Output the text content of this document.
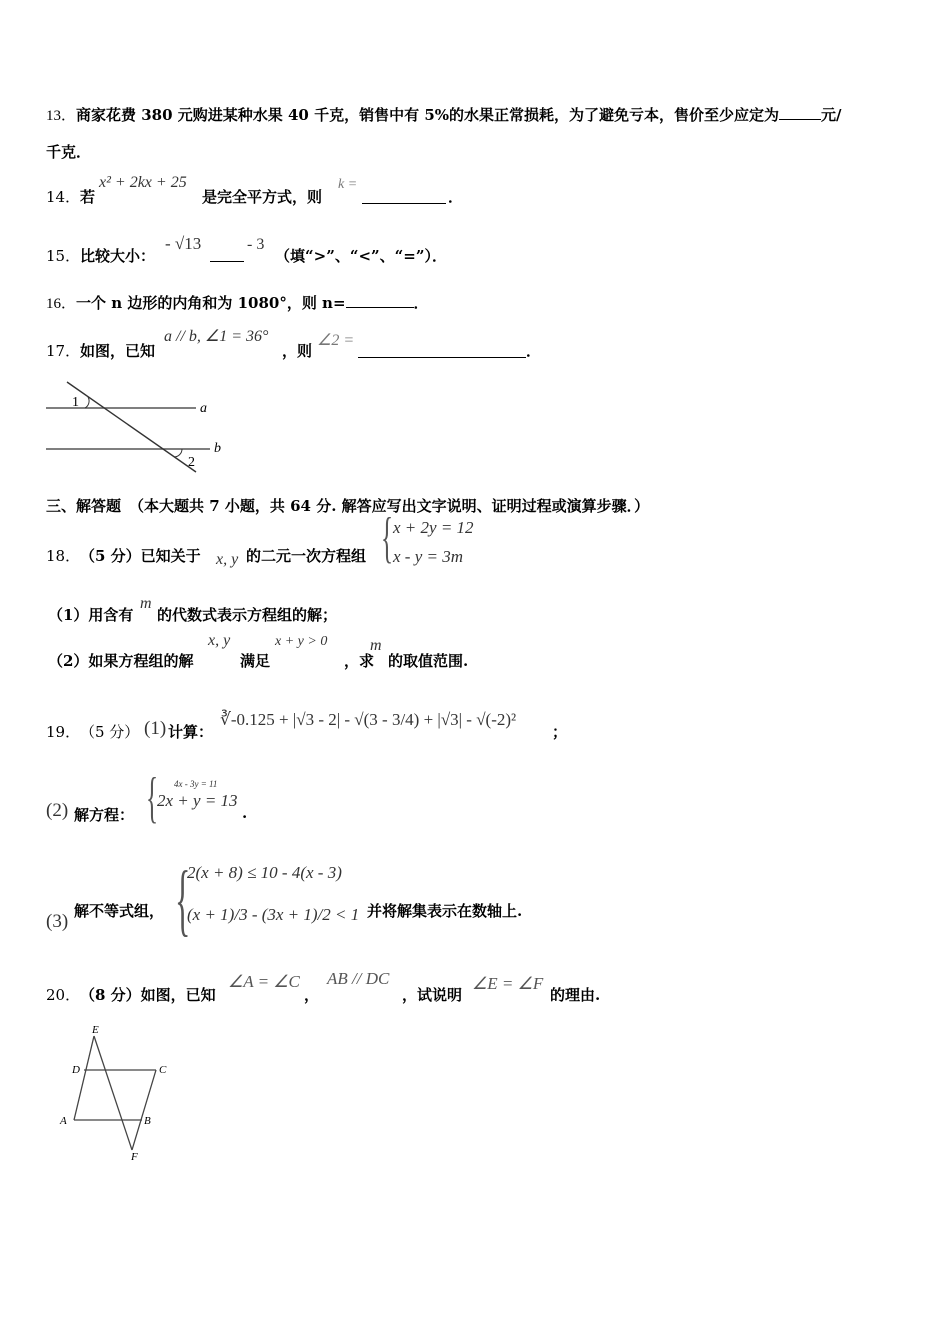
13．商家花费 380 元购进某种水果 40 千克，销售中有 5%的水果正常损耗，为了避免亏本，售价至少应定为	元/
千克．
14． 若
x² + 2kx + 25
是完全平方式，则
k =
．
15． 比较大小：
- √13	- 3
（填“>”、“<”、“=”）．
16．一个 n 边形的内角和为 1080°，则 n=	．
17． 如图，已知
a // b, ∠1 = 36°
，则
∠2 =
．
1
2
a
b
三、解答题 （本大题共 7 小题，共 64 分. 解答应写出文字说明、证明过程或演算步骤．）
18． （5 分）已知关于 x, y 的二元一次方程组 { x + 2y = 12
x - y = 3m
（1）用含有
m
的代数式表示方程组的解；
（2）如果方程组的解
x, y
满足
x + y > 0
，求
m
的取值范围.
19． （5 分） (1) 计算：
∛-0.125 + |√3 - 2| - √(3 - 3/4) + |√3| - √(-2)²
；
(2) 解方程： { 4x - 3y = 11
2x + y = 13
.
(3) 解不等式组， {
2(x + 8) ≤ 10 - 4(x - 3)
(x + 1)/3 - (3x + 1)/2 < 1 并将解集表示在数轴上.
20． （8 分）如图，已知
∠A = ∠C
，
AB // DC
，试说明
∠E = ∠F
的理由.
E
D	C
A	B
F
